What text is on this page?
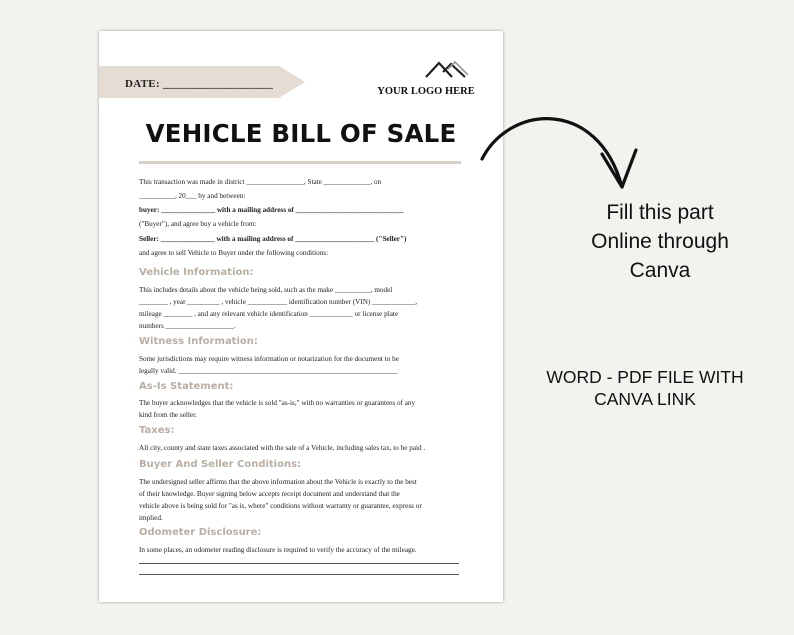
DATE: ___________________
YOUR LOGO HERE
VEHICLE BILL OF SALE

This transaction was made in district ________________, State _____________, on

__________, 20___ by and between:

buyer: _______________ with a mailing address of ______________________________

("Buyer"), and agree buy a vehicle from:

Seller: _______________ with a mailing address of ______________________ ("Seller")

and agree to sell Vehicle to Buyer under the following conditions:

Vehicle Information:

This includes details about the vehicle being sold, such as the make __________, model

________ , year _________ , vehicle ___________ identification number (VIN) ____________,

mileage ________ , and any relevant vehicle identification ____________ or license plate

numbers ___________________.

Witness Information:

Some jurisdictions may require witness information or notarization for the document to be

legally valid. _____________________________________________________________

As-Is Statement:

The buyer acknowledges that the vehicle is sold "as-is," with no warranties or guarantees of any

kind from the seller.

Taxes:

All city, county and state taxes associated with the sale of a Vehicle, including sales tax, to be paid .

Buyer And Seller Conditions:

The undersigned seller affirms that the above information about the Vehicle is exactly to the best

of their knowledge. Buyer signing below accepts receipt document and understand that the

vehicle above is being sold for "as is, where" conditions without warranty or guarantee, express or

implied.

Odometer Disclosure:

In some places, an odometer reading disclosure is required to verify the accuracy of the mileage.

Fill this part
Online through
Canva
WORD - PDF FILE WITH
CANVA LINK
